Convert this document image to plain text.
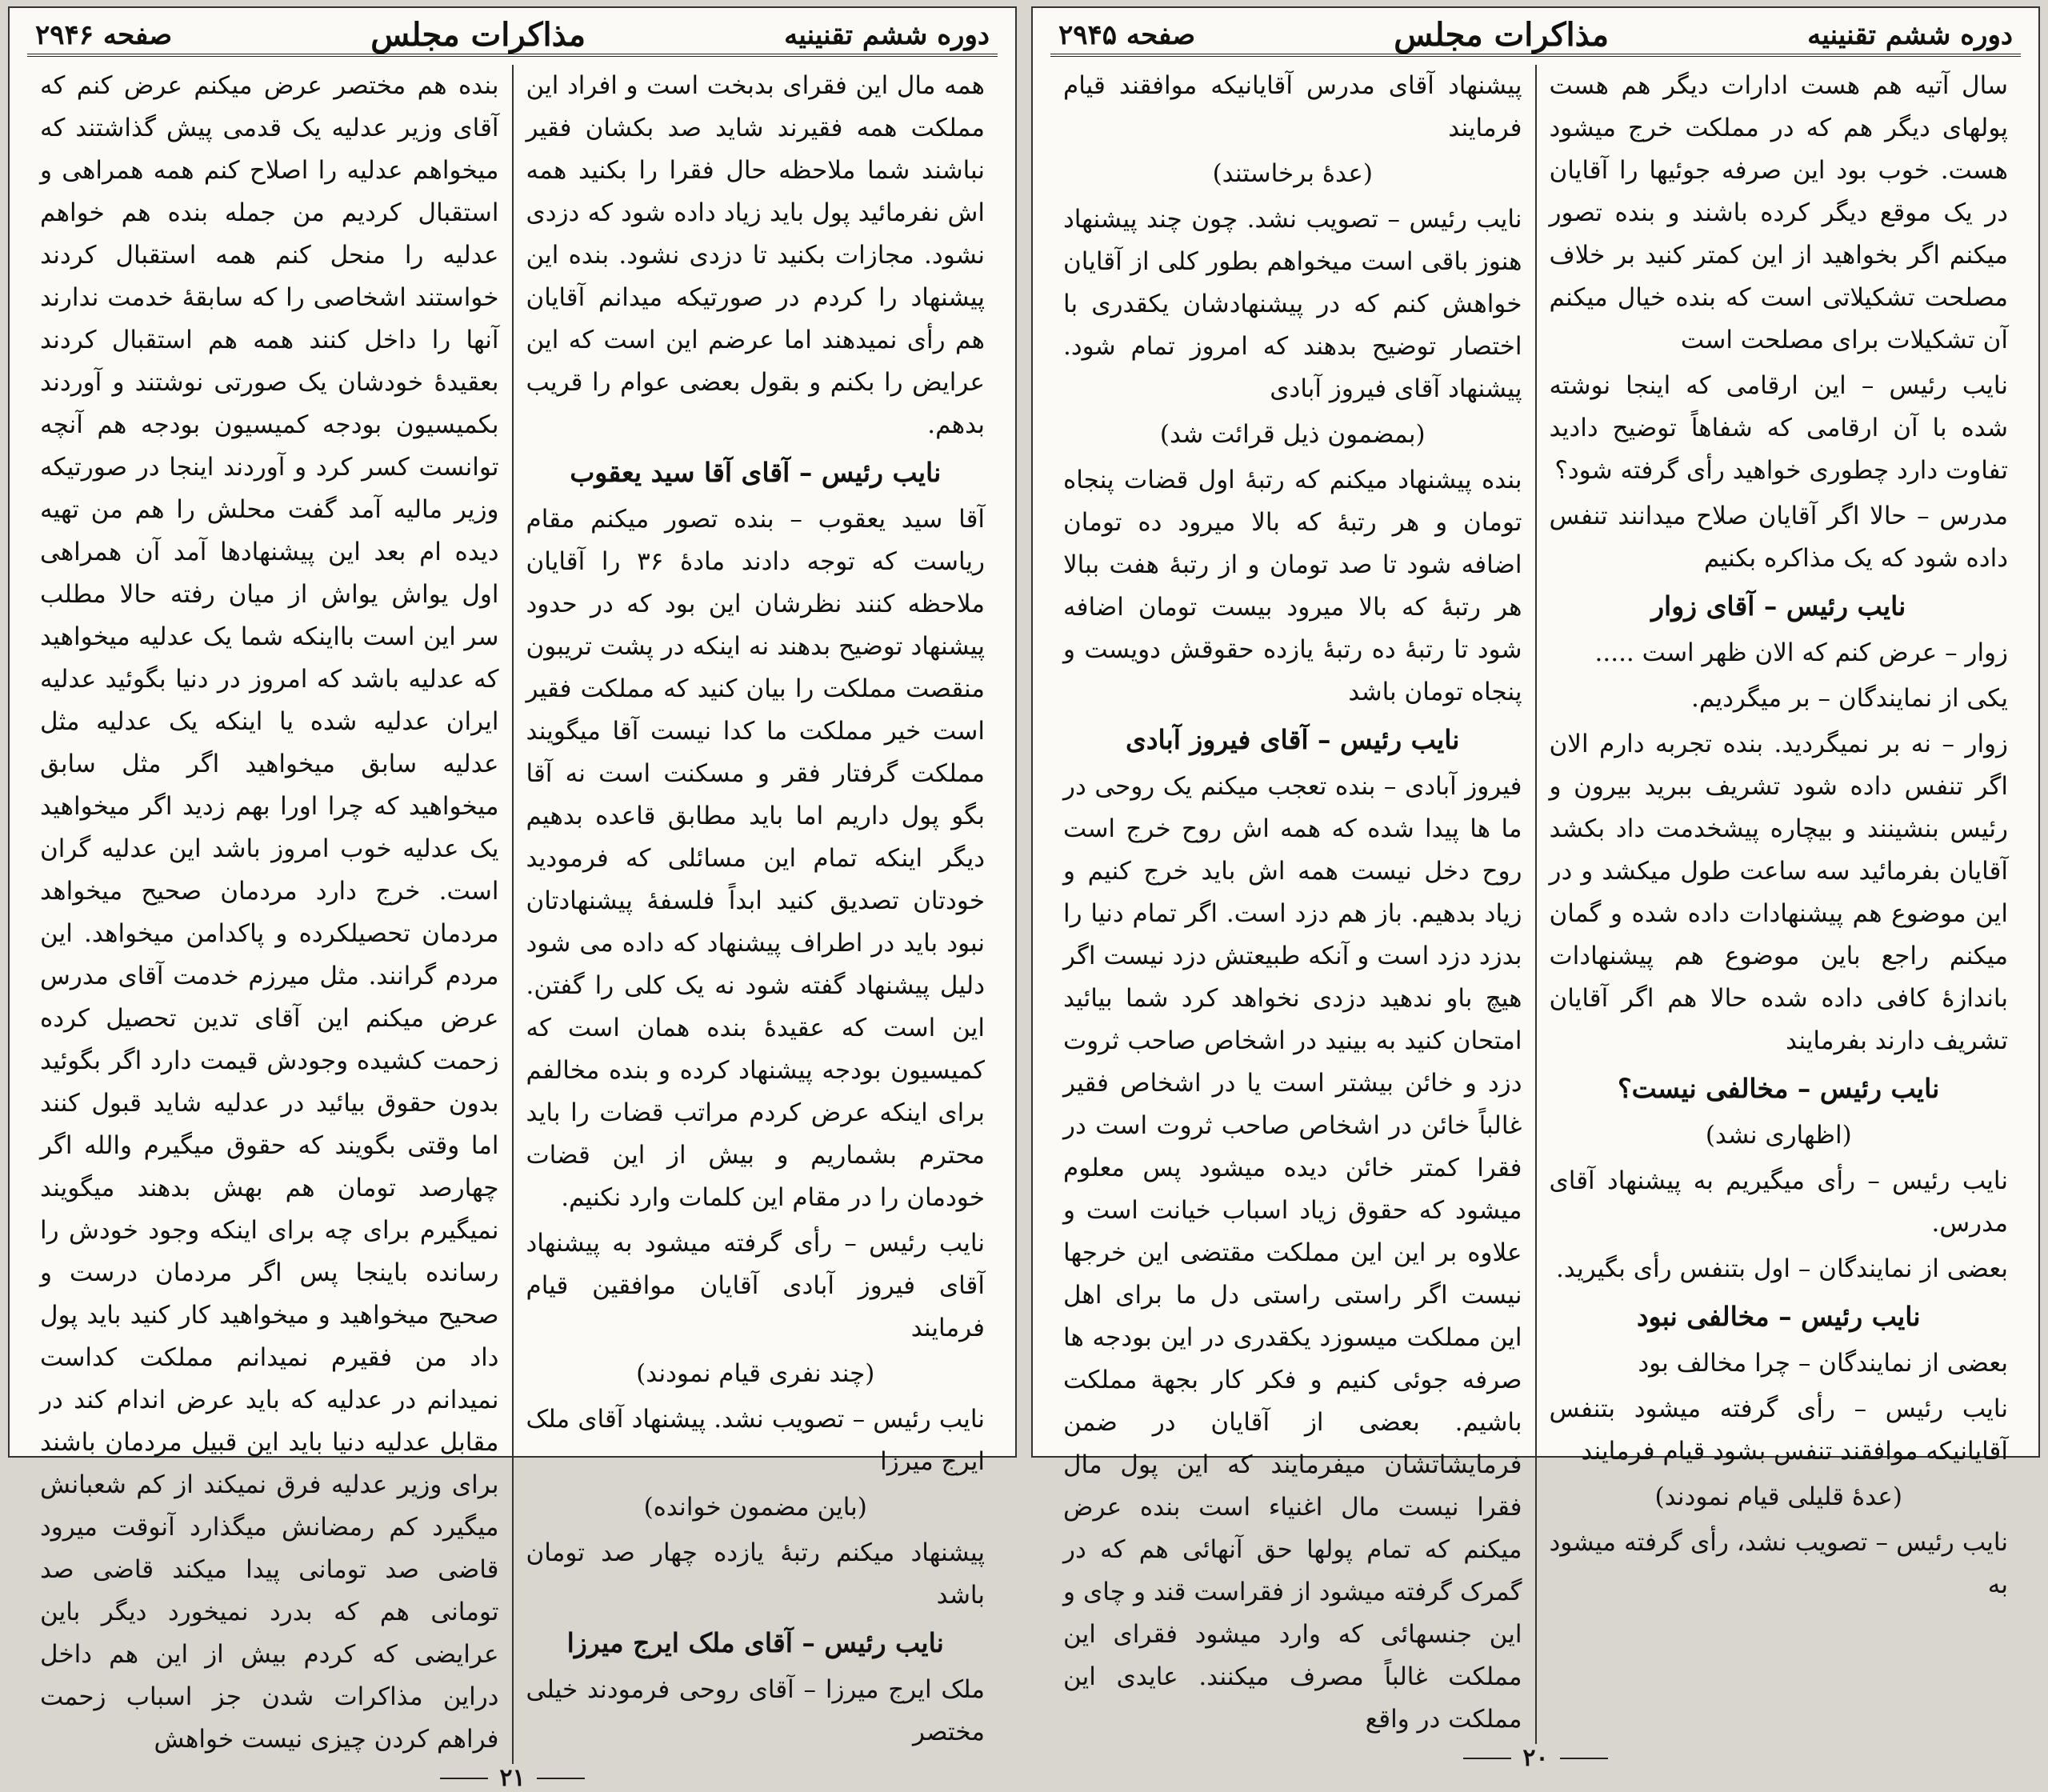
صفحه ۲۹۴۶	مذاکرات مجلس	دوره ششم تقنینیه

همه مال این فقرای بدبخت است و افراد این مملکت همه فقیرند شاید صد بکشان فقیر نباشند شما ملاحظه حال فقرا را بکنید همه اش نفرمائید پول باید زیاد داده شود که دزدی نشود. مجازات بکنید تا دزدی نشود. بنده این پیشنهاد را کردم در صورتیکه میدانم آقایان هم رأی نمیدهند اما عرضم این است که این عرایض را بکنم و بقول بعضی عوام را قریب بدهم.

نایب رئیس – آقای آقا سید یعقوب

آقا سید یعقوب – بنده تصور میکنم مقام ریاست که توجه دادند مادهٔ ۳۶ را آقایان ملاحظه کنند نظرشان این بود که در حدود پیشنهاد توضیح بدهند نه اینکه در پشت تریبون منقصت مملکت را بیان کنید که مملکت فقیر است خیر مملکت ما کدا نیست آقا میگویند مملکت گرفتار فقر و مسکنت است نه آقا بگو پول داریم اما باید مطابق قاعده بدهیم دیگر اینکه تمام این مسائلی که فرمودید خودتان تصدیق کنید ابداً فلسفهٔ پیشنهادتان نبود باید در اطراف پیشنهاد که داده می شود دلیل پیشنهاد گفته شود نه یک کلی را گفتن. این است که عقیدهٔ بنده همان است که کمیسیون بودجه پیشنهاد کرده و بنده مخالفم برای اینکه عرض کردم مراتب قضات را باید محترم بشماریم و بیش از این قضات خودمان را در مقام این کلمات وارد نکنیم.

نایب رئیس – رأی گرفته میشود به پیشنهاد آقای فیروز آبادی آقایان موافقین قیام فرمایند

(چند نفری قیام نمودند)

نایب رئیس – تصویب نشد. پیشنهاد آقای ملک ایرج میرزا

(باین مضمون خوانده)

پیشنهاد میکنم رتبهٔ یازده چهار صد تومان باشد

نایب رئیس – آقای ملک ایرج میرزا

ملک ایرج میرزا – آقای روحی فرمودند خیلی مختصر

بنده هم مختصر عرض میکنم عرض کنم که آقای وزیر عدلیه یک قدمی پیش گذاشتند که میخواهم عدلیه را اصلاح کنم همه همراهی و استقبال کردیم من جمله بنده هم خواهم عدلیه را منحل کنم همه استقبال کردند خواستند اشخاصی را که سابقهٔ خدمت ندارند آنها را داخل کنند همه هم استقبال کردند بعقیدهٔ خودشان یک صورتی نوشتند و آوردند بکمیسیون بودجه کمیسیون بودجه هم آنچه توانست کسر کرد و آوردند اینجا در صورتیکه وزیر مالیه آمد گفت محلش را هم من تهیه دیده ام بعد این پیشنهادها آمد آن همراهی اول یواش یواش از میان رفته حالا مطلب سر این است بااینکه شما یک عدلیه میخواهید که عدلیه باشد که امروز در دنیا بگوئید عدلیه ایران عدلیه شده یا اینکه یک عدلیه مثل عدلیه سابق میخواهید اگر مثل سابق میخواهید که چرا اورا بهم زدید اگر میخواهید یک عدلیه خوب امروز باشد این عدلیه گران است. خرج دارد مردمان صحیح میخواهد مردمان تحصیلکرده و پاکدامن میخواهد. این مردم گرانند. مثل میرزم خدمت آقای مدرس عرض میکنم این آقای تدین تحصیل کرده زحمت کشیده وجودش قیمت دارد اگر بگوئید بدون حقوق بیائید در عدلیه شاید قبول کنند اما وقتی بگویند که حقوق میگیرم والله اگر چهارصد تومان هم بهش بدهند میگویند نمیگیرم برای چه برای اینکه وجود خودش را رسانده باینجا پس اگر مردمان درست و صحیح میخواهید و میخواهید کار کنید باید پول داد من فقیرم نمیدانم مملکت کداست نمیدانم در عدلیه که باید عرض اندام کند در مقابل عدلیه دنیا باید این قبیل مردمان باشند برای وزیر عدلیه فرق نمیکند از کم شعبانش میگیرد کم رمضانش میگذارد آنوقت میرود قاضی صد تومانی پیدا میکند قاضی صد تومانی هم که بدرد نمیخورد دیگر باین عرایضی که کردم بیش از این هم داخل دراین مذاکرات شدن جز اسباب زحمت فراهم کردن چیزی نیست خواهش

۲۱
صفحه ۲۹۴۵	مذاکرات مجلس	دوره ششم تقنینیه

سال آتیه هم هست ادارات دیگر هم هست پولهای دیگر هم که در مملکت خرج میشود هست. خوب بود این صرفه جوئیها را آقایان در یک موقع دیگر کرده باشند و بنده تصور میکنم اگر بخواهید از این کمتر کنید بر خلاف مصلحت تشکیلاتی است که بنده خیال میکنم آن تشکیلات برای مصلحت است

نایب رئیس – این ارقامی که اینجا نوشته شده با آن ارقامی که شفاهاً توضیح دادید تفاوت دارد چطوری خواهید رأی گرفته شود؟

مدرس – حالا اگر آقایان صلاح میدانند تنفس داده شود که یک مذاکره بکنیم

نایب رئیس – آقای زوار

زوار – عرض کنم که الان ظهر است .....

یکی از نمایندگان – بر میگردیم.

زوار – نه بر نمیگردید. بنده تجربه دارم الان اگر تنفس داده شود تشریف ببرید بیرون و رئیس بنشینند و بیچاره پیشخدمت داد بکشد آقایان بفرمائید سه ساعت طول میکشد و در این موضوع هم پیشنهادات داده شده و گمان میکنم راجع باین موضوع هم پیشنهادات باندازهٔ کافی داده شده حالا هم اگر آقایان تشریف دارند بفرمایند

نایب رئیس – مخالفی نیست؟

(اظهاری نشد)

نایب رئیس – رأی میگیریم به پیشنهاد آقای مدرس.

بعضی از نمایندگان – اول بتنفس رأی بگیرید.

نایب رئیس – مخالفی نبود

بعضی از نمایندگان – چرا مخالف بود

نایب رئیس – رأی گرفته میشود بتنفس آقایانیکه موافقند تنفس بشود قیام فرمایند

(عدهٔ قلیلی قیام نمودند)

نایب رئیس – تصویب نشد، رأی گرفته میشود به

پیشنهاد آقای مدرس آقایانیکه موافقند قیام فرمایند

(عدهٔ برخاستند)

نایب رئیس – تصویب نشد. چون چند پیشنهاد هنوز باقی است میخواهم بطور کلی از آقایان خواهش کنم که در پیشنهادشان یکقدری با اختصار توضیح بدهند که امروز تمام شود. پیشنهاد آقای فیروز آبادی

(بمضمون ذیل قرائت شد)

بنده پیشنهاد میکنم که رتبهٔ اول قضات پنجاه تومان و هر رتبهٔ که بالا میرود ده تومان اضافه شود تا صد تومان و از رتبهٔ هفت ببالا هر رتبهٔ که بالا میرود بیست تومان اضافه شود تا رتبهٔ ده رتبهٔ یازده حقوقش دویست و پنجاه تومان باشد

نایب رئیس – آقای فیروز آبادی

فیروز آبادی – بنده تعجب میکنم یک روحی در ما ها پیدا شده که همه اش روح خرج است روح دخل نیست همه اش باید خرج کنیم و زیاد بدهیم. باز هم دزد است. اگر تمام دنیا را بدزد دزد است و آنکه طبیعتش دزد نیست اگر هیچ باو ندهید دزدی نخواهد کرد شما بیائید امتحان کنید به بینید در اشخاص صاحب ثروت دزد و خائن بیشتر است یا در اشخاص فقیر غالباً خائن در اشخاص صاحب ثروت است در فقرا کمتر خائن دیده میشود پس معلوم میشود که حقوق زیاد اسباب خیانت است و علاوه بر این این مملکت مقتضی این خرجها نیست اگر راستی راستی دل ما برای اهل این مملکت میسوزد یکقدری در این بودجه ها صرفه جوئی کنیم و فکر کار بجهة مملکت باشیم. بعضی از آقایان در ضمن فرمایشاتشان میفرمایند که این پول مال فقرا نیست مال اغنیاء است بنده عرض میکنم که تمام پولها حق آنهائی هم که در گمرک گرفته میشود از فقراست قند و چای و این جنسهائی که وارد میشود فقرای این مملکت غالباً مصرف میکنند. عایدی این مملکت در واقع

۲۰
